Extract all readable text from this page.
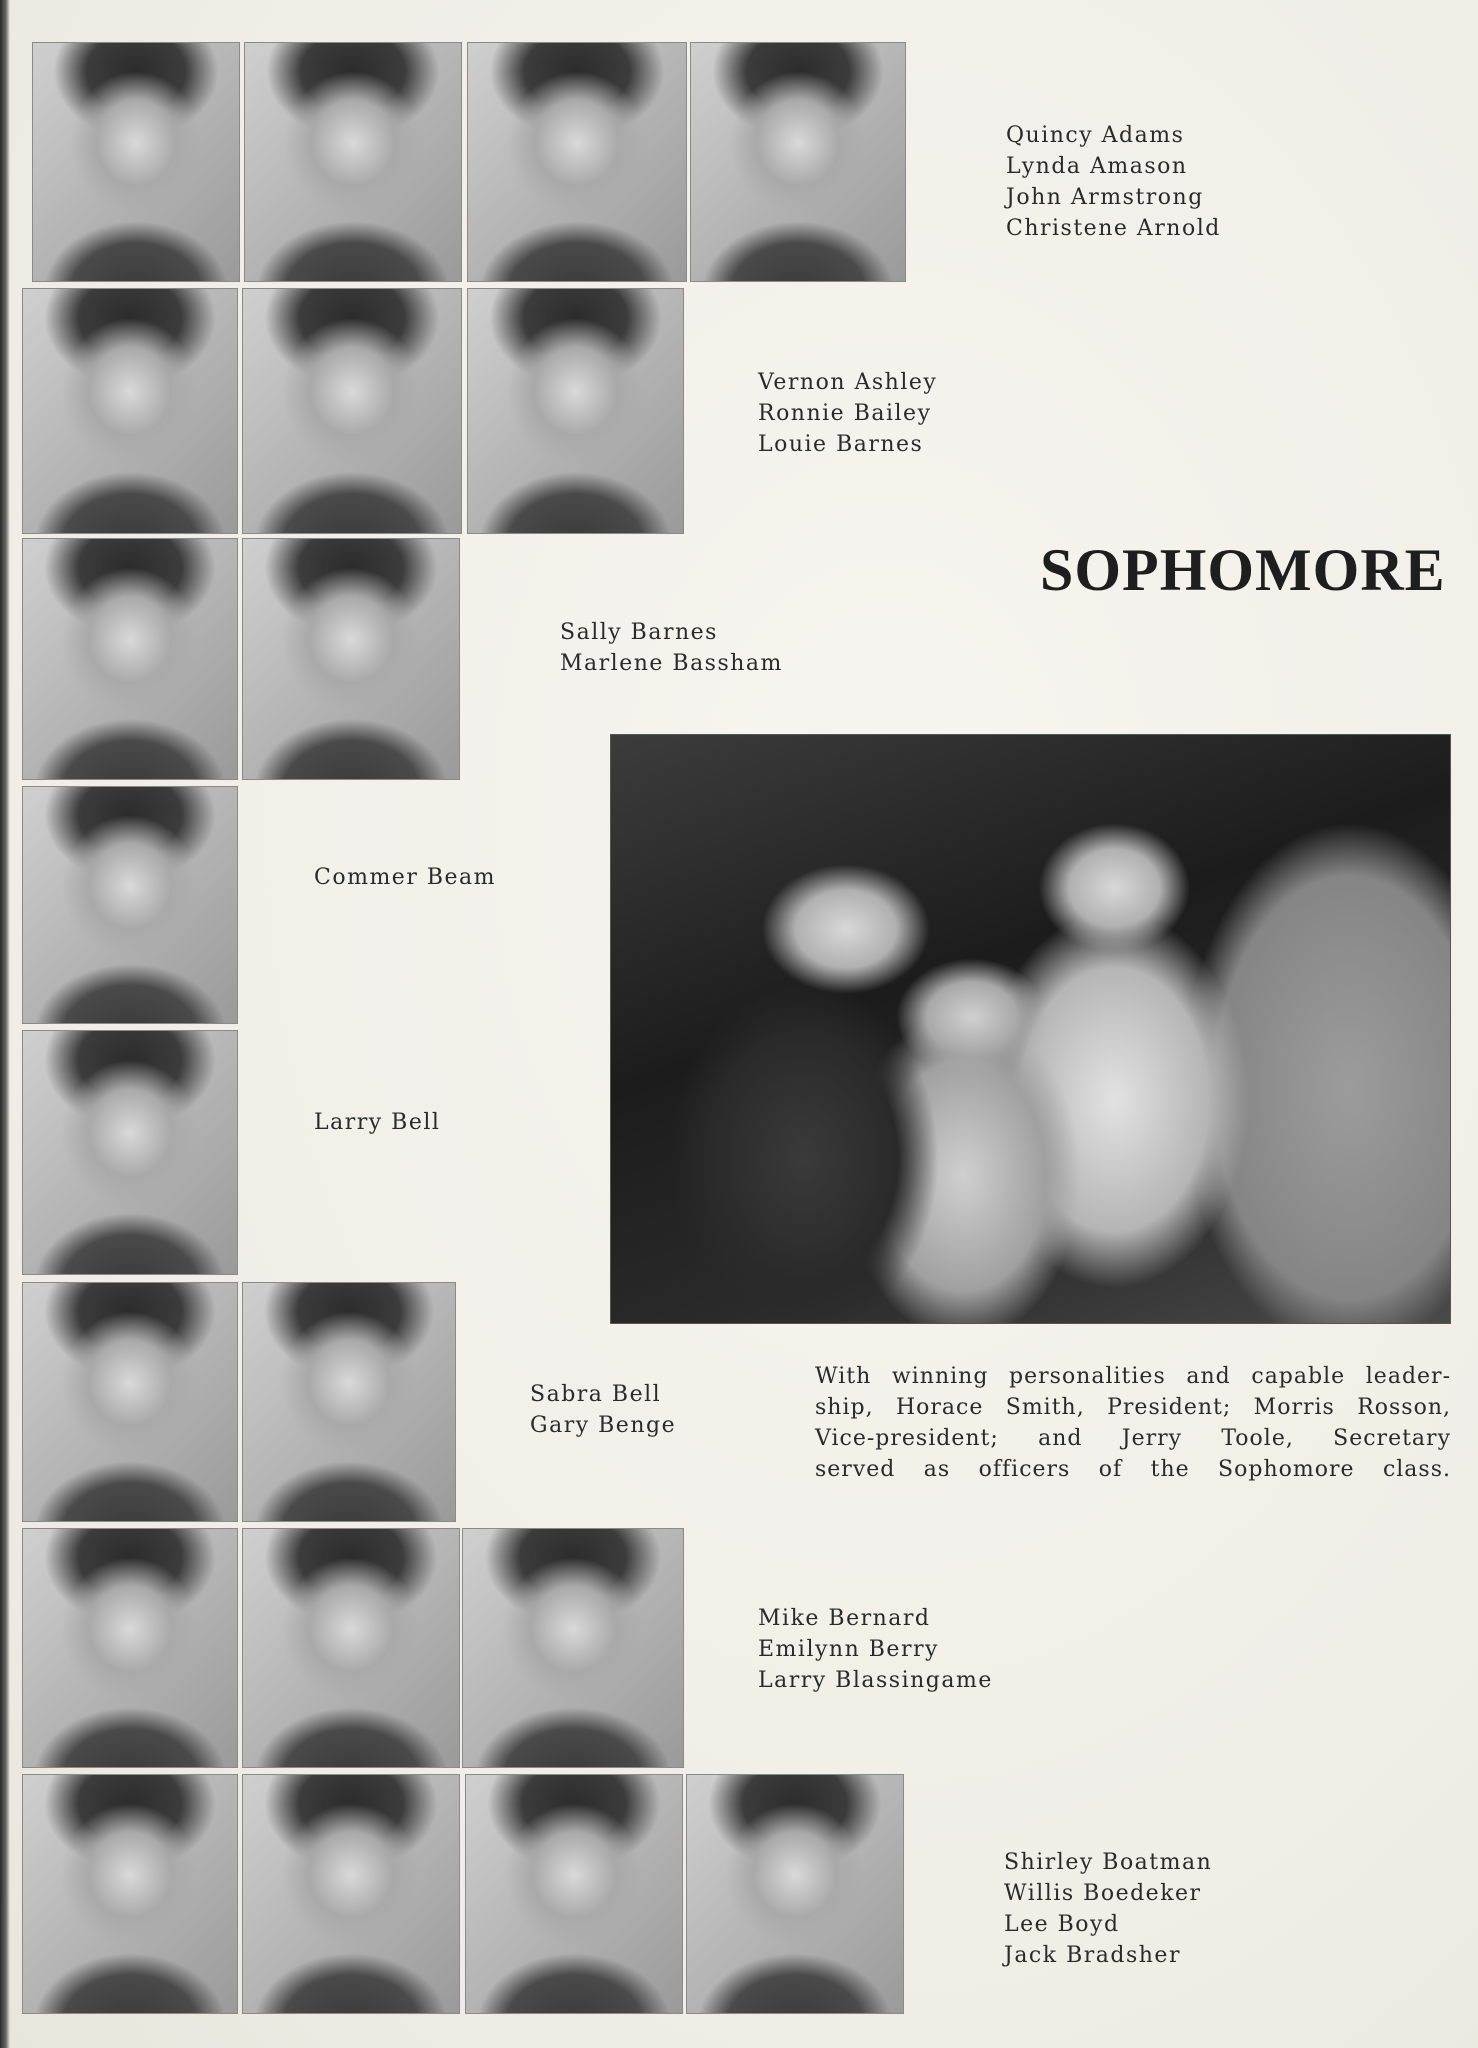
Quincy Adams
Lynda Amason
John Armstrong
Christene Arnold
Vernon Ashley
Ronnie Bailey
Louie Barnes
SOPHOMORE
Sally Barnes
Marlene Bassham
Commer Beam
Larry Bell
Sabra Bell
Gary Benge
With winning personalities and capable leader-
ship, Horace Smith, President; Morris Rosson,
Vice-president; and Jerry Toole, Secretary
served as officers of the Sophomore class.
Mike Bernard
Emilynn Berry
Larry Blassingame
Shirley Boatman
Willis Boedeker
Lee Boyd
Jack Bradsher
